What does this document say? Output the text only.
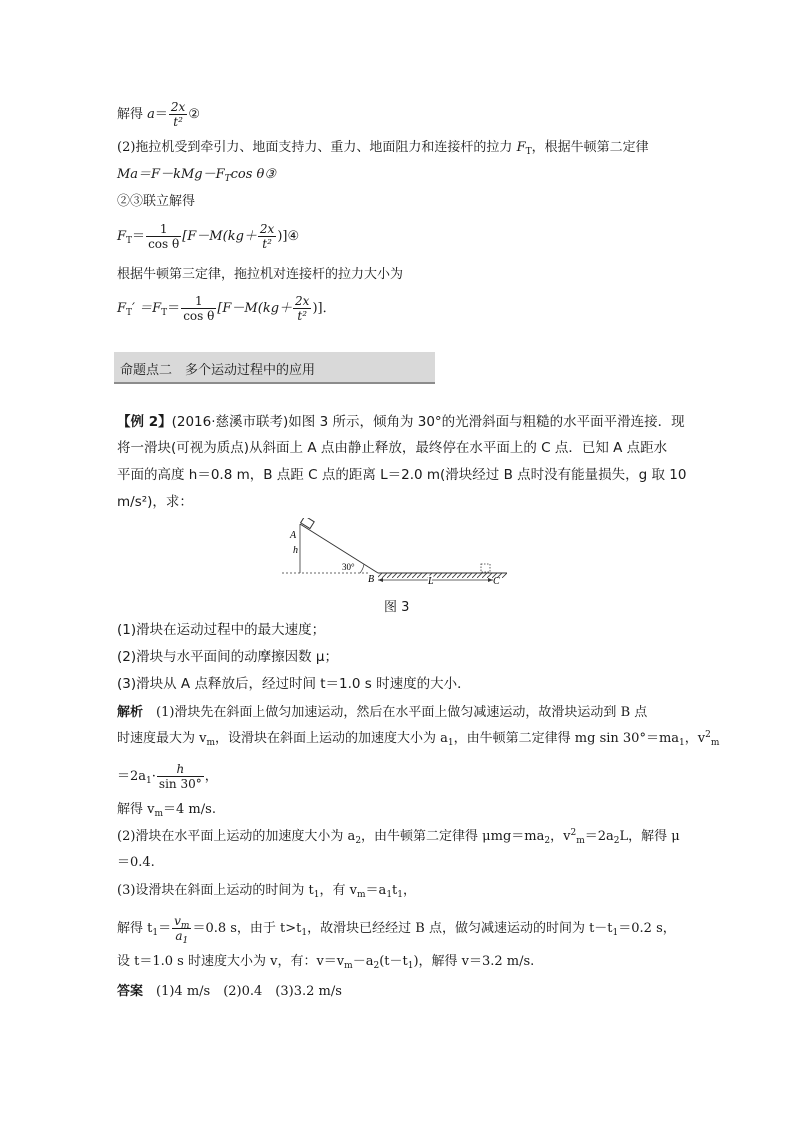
解得 $a= \frac{2x}{\text{t²}}$ ②
(2)拖拉机受到牵引力、地面支持力、重力、地面阻力和连接杆的拉力 $F_T$，根据牛顿第二定律
$Ma=F-kMg-F_T\cos$ θ③
②③联立解得
$F_T= \frac{1}{\text{cos θ}} [F-M(kg+ \frac{2x}{\text{t²}}$ )]④
根据牛顿第三定律，拖拉机对连接杆的拉力大小为
$F_T' =F_T= \frac{1}{\text{cos θ}} [F-M(kg+ \frac{2x}{\text{t²}}$ )]．
命题点二　多个运动过程中的应用
【例 2】(2016·慈溪市联考)如图 3 所示，倾角为 30°的光滑斜面与粗糙的水平面平滑连接．现
将一滑块(可视为质点)从斜面上 A 点由静止释放，最终停在水平面上的 C 点．已知 A 点距水
平面的高度 h＝0.8 m，B 点距 C 点的距离 L＝2.0 m(滑块经过 B 点时没有能量损失，g 取 10
m/s²)，求：
A
h
30°
B	L	C
图 3
(1)滑块在运动过程中的最大速度；
(2)滑块与水平面间的动摩擦因数 μ；
(3)滑块从 A 点释放后，经过时间 t＝1.0 s 时速度的大小．
解析　(1)滑块先在斜面上做匀加速运动，然后在水平面上做匀减速运动，故滑块运动到 B 点
时速度最大为 $v_m$，设滑块在斜面上运动的加速度大小为 $a_1$，由牛顿第二定律得 mg $\sin 30^\circ=ma_1$，$v^2_m$
$=2a_1\cdot \frac{h}{\sin 30^\circ}$ ，
解得 $v_m=4$ m/s.
(2)滑块在水平面上运动的加速度大小为 $a_2$，由牛顿第二定律得 $\mu mg=ma_2$，$v^2_m=2a_2L$，解得 μ
＝0.4.
(3)设滑块在斜面上运动的时间为 $t_1$，有 $v_m=a_1t_1$，
解得 $t_1= \frac{v_m}{a_1} =0.8$ s，由于 $t>t_1$，故滑块已经经过 B 点，做匀减速运动的时间为 $t-t_1=0.2$ s，
设 t＝1.0 s 时速度大小为 v，有：$v=v_m-a_2(t-t_1)$，解得 v＝3.2 m/s.
答案　(1)4 m/s　(2)0.4　(3)3.2 m/s
